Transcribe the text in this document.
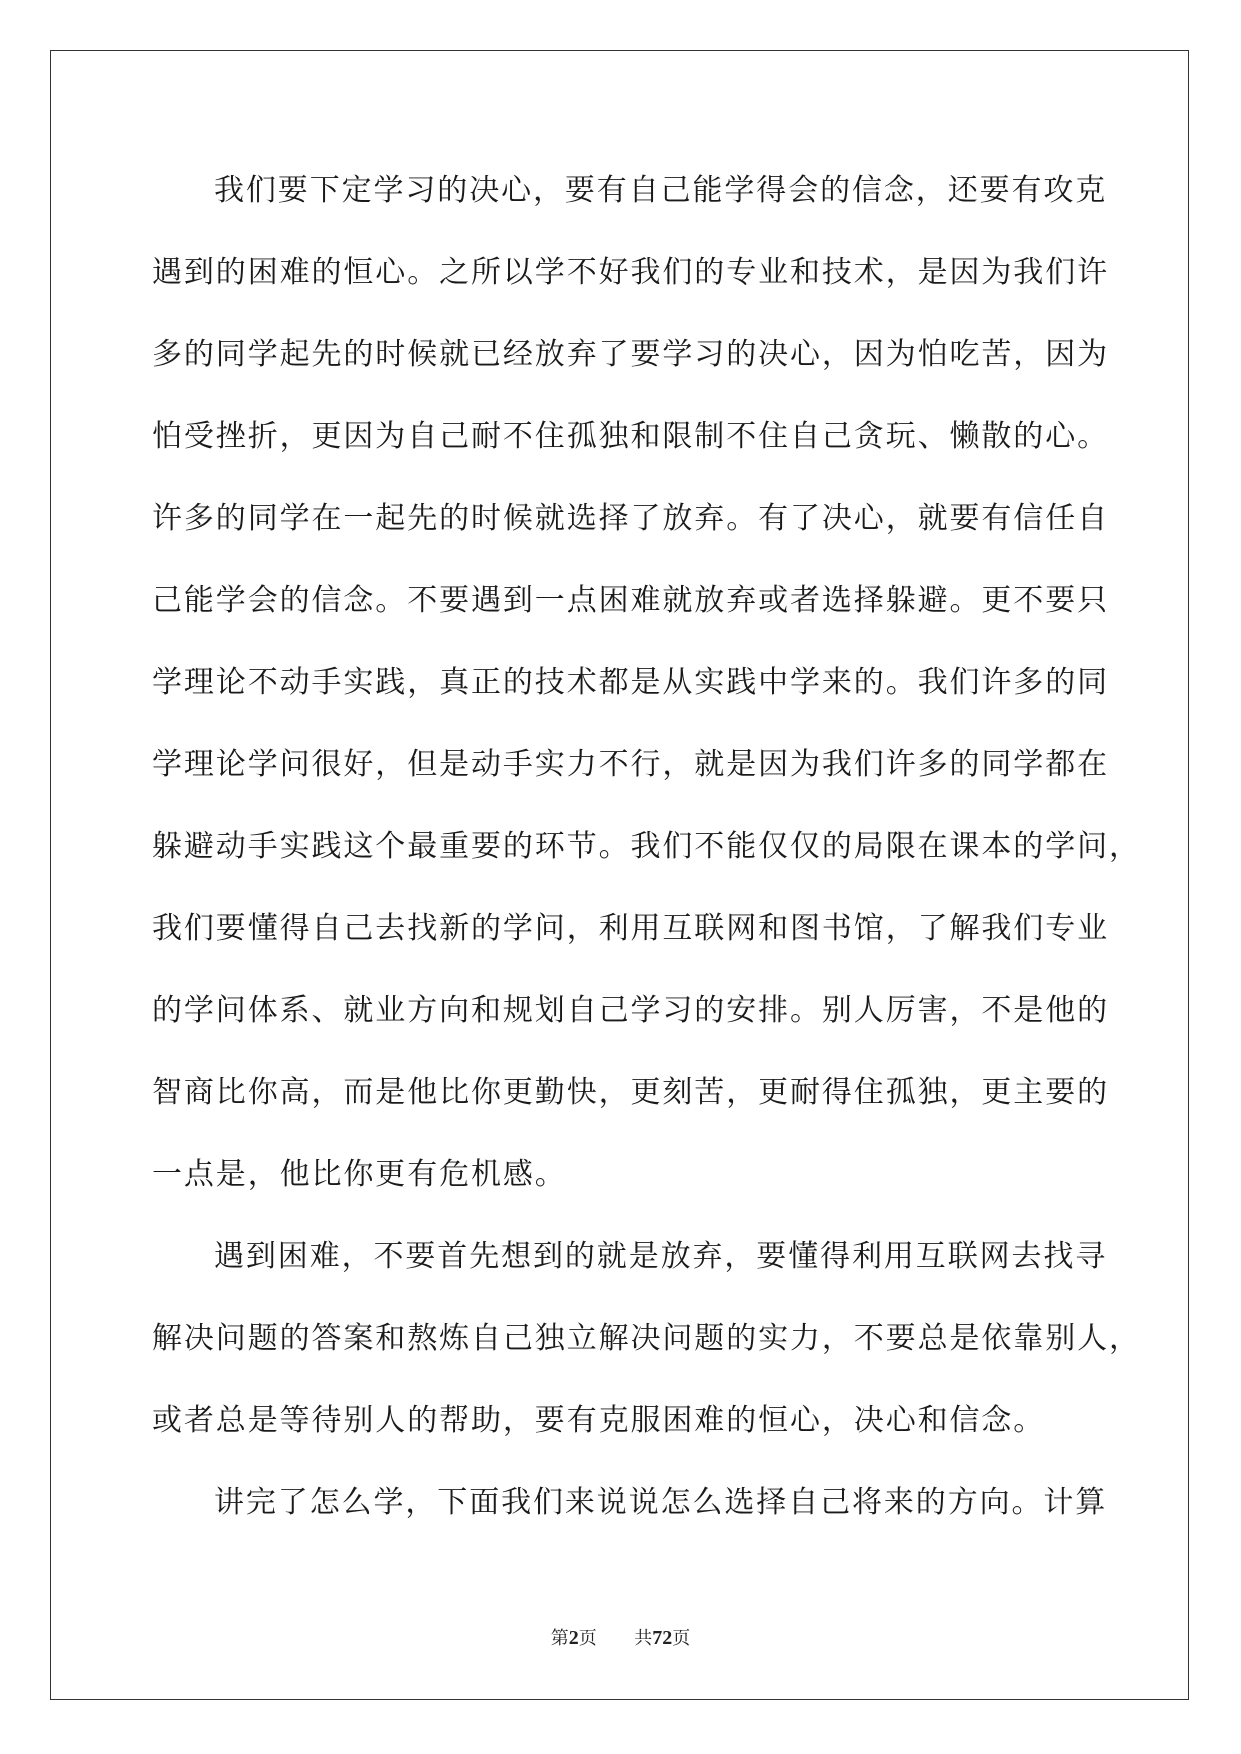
我们要下定学习的决心，要有自己能学得会的信念，还要有攻克
遇到的困难的恒心。之所以学不好我们的专业和技术，是因为我们许
多的同学起先的时候就已经放弃了要学习的决心，因为怕吃苦，因为
怕受挫折，更因为自己耐不住孤独和限制不住自己贪玩、懒散的心。
许多的同学在一起先的时候就选择了放弃。有了决心，就要有信任自
己能学会的信念。不要遇到一点困难就放弃或者选择躲避。更不要只
学理论不动手实践，真正的技术都是从实践中学来的。我们许多的同
学理论学问很好，但是动手实力不行，就是因为我们许多的同学都在
躲避动手实践这个最重要的环节。我们不能仅仅的局限在课本的学问，
我们要懂得自己去找新的学问，利用互联网和图书馆，了解我们专业
的学问体系、就业方向和规划自己学习的安排。别人厉害，不是他的
智商比你高，而是他比你更勤快，更刻苦，更耐得住孤独，更主要的
一点是，他比你更有危机感。
遇到困难，不要首先想到的就是放弃，要懂得利用互联网去找寻
解决问题的答案和熬炼自己独立解决问题的实力，不要总是依靠别人，
或者总是等待别人的帮助，要有克服困难的恒心，决心和信念。
讲完了怎么学，下面我们来说说怎么选择自己将来的方向。计算
第2页 共72页
